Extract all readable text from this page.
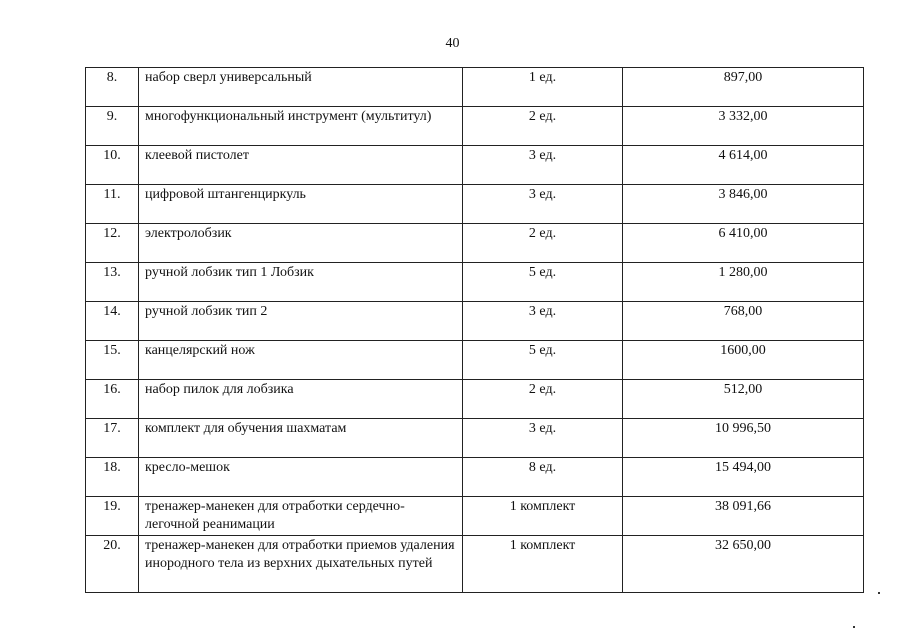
40
8.	набор сверл универсальный	1 ед.	897,00
9.	многофункциональный инструмент (мультитул)	2 ед.	3 332,00
10.	клеевой пистолет	3 ед.	4 614,00
11.	цифровой штангенциркуль	3 ед.	3 846,00
12.	электролобзик	2 ед.	6 410,00
13.	ручной лобзик тип 1 Лобзик	5 ед.	1 280,00
14.	ручной лобзик тип 2	3 ед.	768,00
15.	канцелярский нож	5 ед.	1600,00
16.	набор пилок для лобзика	2 ед.	512,00
17.	комплект для обучения шахматам	3 ед.	10 996,50
18.	кресло-мешок	8 ед.	15 494,00
19.	тренажер-манекен для отработки сердечно-легочной реанимации	1 комплект	38 091,66
20.	тренажер-манекен для отработки приемов удаления инородного тела из верхних дыхательных путей	1 комплект	32 650,00
